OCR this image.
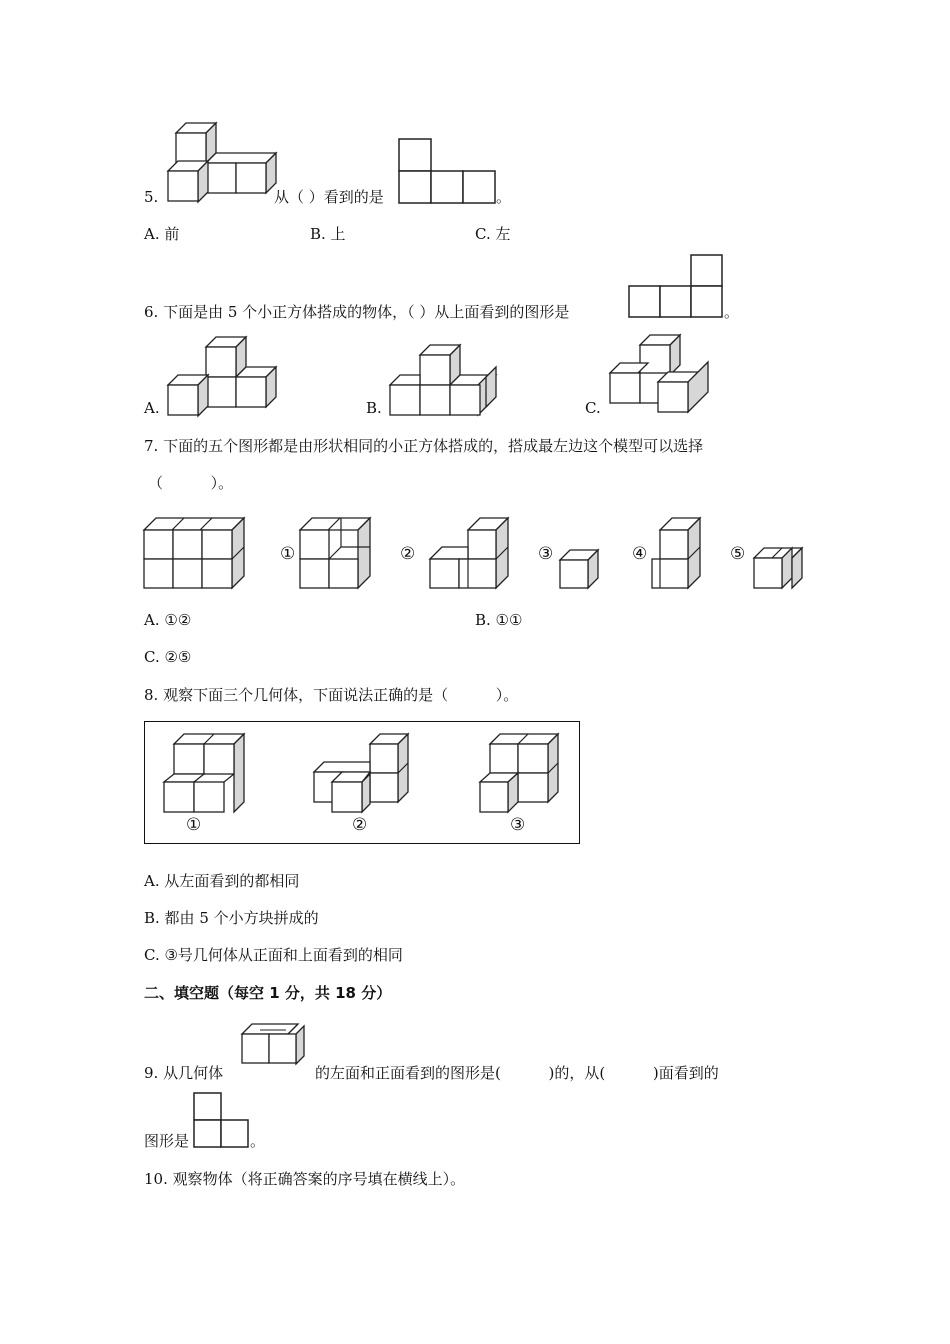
5.	从（ ）看到的是	。
A. 前	B. 上	C. 左
6. 下面是由 5 个小正方体搭成的物体，（ ）从上面看到的图形是	。
A.	B.	C.
7. 下面的五个图形都是由形状相同的小正方体搭成的，搭成最左边这个模型可以选择
（          ）。
①	②	③	④	⑤
A. ①②	B. ①①
C. ②⑤
8. 观察下面三个几何体，下面说法正确的是（          ）。
①	②	③
A. 从左面看到的都相同
B. 都由 5 个小方块拼成的
C. ③号几何体从正面和上面看到的相同
二、填空题（每空 1 分，共 18 分）
9. 从几何体	的左面和正面看到的图形是(          )的，从(          )面看到的
图形是	。
10. 观察物体（将正确答案的序号填在横线上）。
